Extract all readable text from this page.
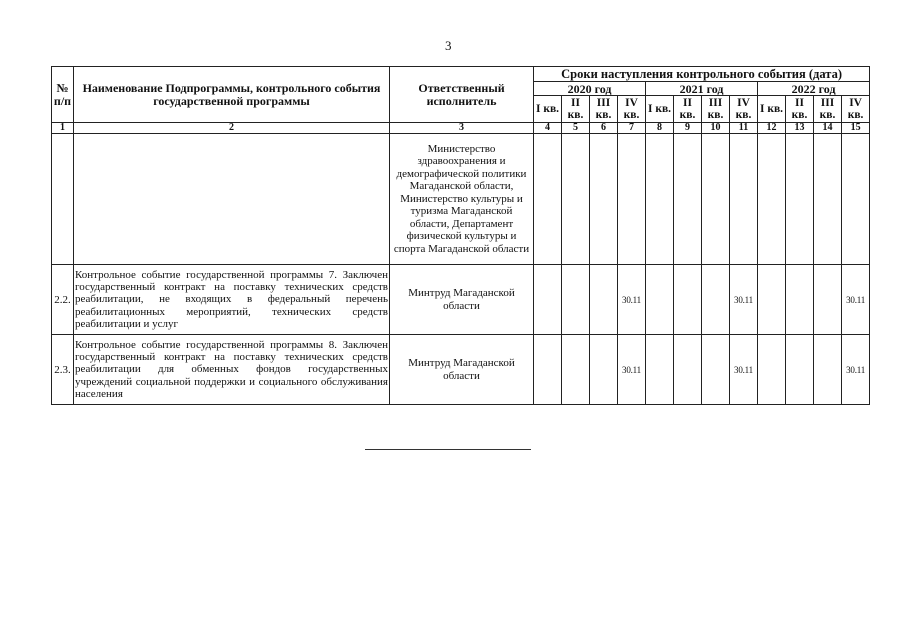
3
№ п/п	Наименование Подпрограммы, контрольного события государственной программы	Ответственный исполнитель	Сроки наступления контрольного события (дата)											
			2020 год				2021 год				2022 год			
			I кв.	II кв.	III кв.	IV кв.	I кв.	II кв.	III кв.	IV кв.	I кв.	II кв.	III кв.	IV кв.
1	2	3	4	5	6	7	8	9	10	11	12	13	14	15
		Министерство здравоохранения и демографической политики Магаданской области, Министерство культуры и туризма Магаданской области, Департамент физической культуры и спорта Магаданской области												
2.2.	Контрольное событие государственной программы 7. Заключен государственный контракт на поставку технических средств реабилитации, не входящих в федеральный перечень реабилитационных мероприятий, технических средств реабилитации и услуг	Минтруд Магаданской области				30.11				30.11				30.11
2.3.	Контрольное событие государственной программы 8. Заключен государственный контракт на поставку технических средств реабилитации для обменных фондов государственных учреждений социальной поддержки и социального обслуживания населения	Минтруд Магаданской области				30.11				30.11				30.11
